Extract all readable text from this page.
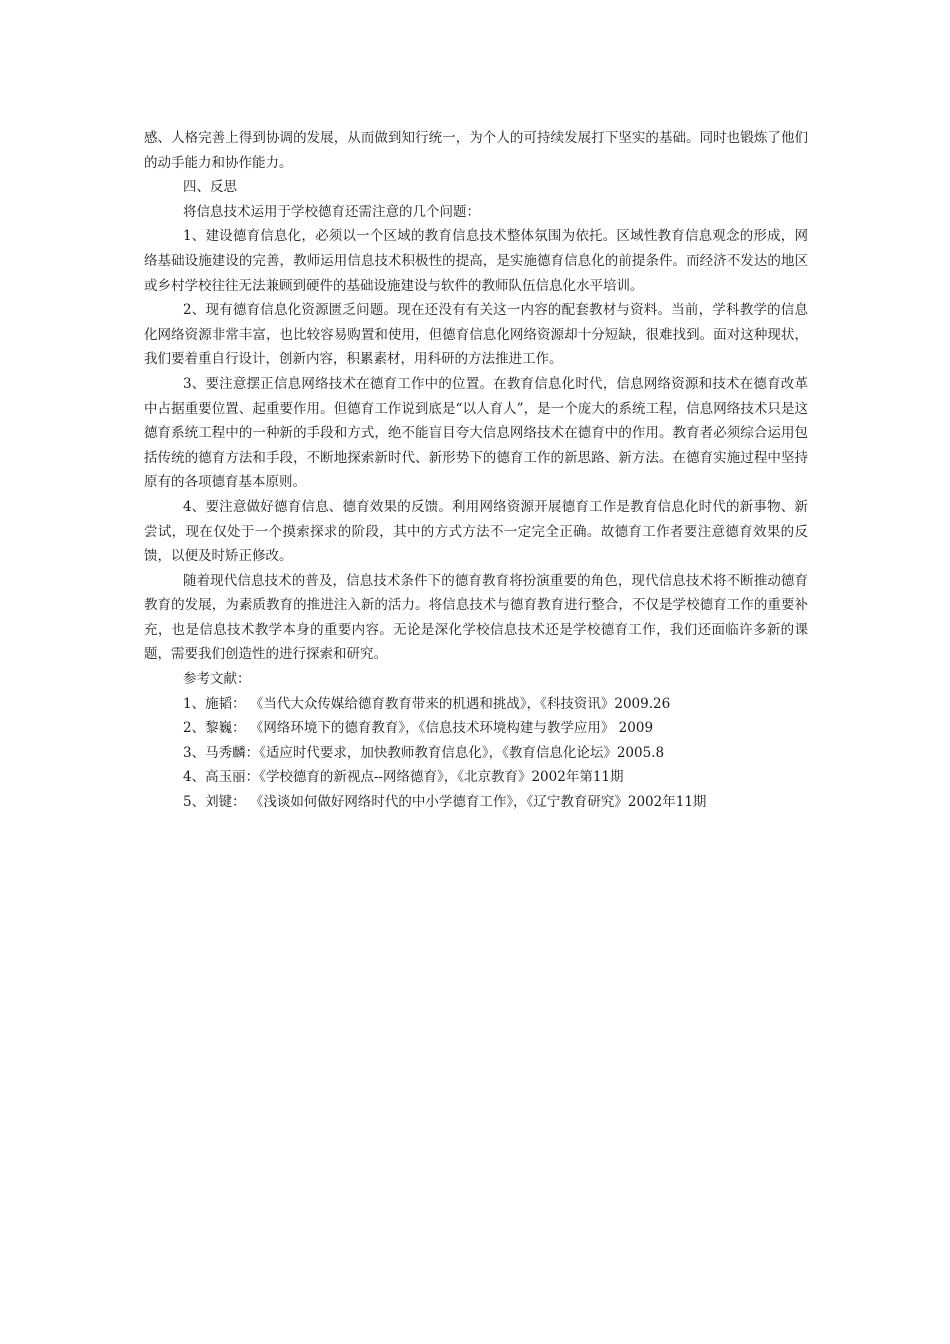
感、人格完善上得到协调的发展，从而做到知行统一，为个人的可持续发展打下坚实的基础。同时也锻炼了他们的动手能力和协作能力。

四、反思

将信息技术运用于学校德育还需注意的几个问题：

1、建设德育信息化，必须以一个区域的教育信息技术整体氛围为依托。区域性教育信息观念的形成，网络基础设施建设的完善，教师运用信息技术积极性的提高，是实施德育信息化的前提条件。而经济不发达的地区或乡村学校往往无法兼顾到硬件的基础设施建设与软件的教师队伍信息化水平培训。

2、现有德育信息化资源匮乏问题。现在还没有有关这一内容的配套教材与资料。当前，学科教学的信息化网络资源非常丰富，也比较容易购置和使用，但德育信息化网络资源却十分短缺，很难找到。面对这种现状，我们要着重自行设计，创新内容，积累素材，用科研的方法推进工作。

3、要注意摆正信息网络技术在德育工作中的位置。在教育信息化时代，信息网络资源和技术在德育改革中占据重要位置、起重要作用。但德育工作说到底是“以人育人”，是一个庞大的系统工程，信息网络技术只是这德育系统工程中的一种新的手段和方式，绝不能盲目夸大信息网络技术在德育中的作用。教育者必须综合运用包括传统的德育方法和手段，不断地探索新时代、新形势下的德育工作的新思路、新方法。在德育实施过程中坚持原有的各项德育基本原则。

4、要注意做好德育信息、德育效果的反馈。利用网络资源开展德育工作是教育信息化时代的新事物、新尝试，现在仅处于一个摸索探求的阶段，其中的方式方法不一定完全正确。故德育工作者要注意德育效果的反馈，以便及时矫正修改。

随着现代信息技术的普及，信息技术条件下的德育教育将扮演重要的角色，现代信息技术将不断推动德育教育的发展，为素质教育的推进注入新的活力。将信息技术与德育教育进行整合，不仅是学校德育工作的重要补充，也是信息技术教学本身的重要内容。无论是深化学校信息技术还是学校德育工作，我们还面临许多新的课题，需要我们创造性的进行探索和研究。

参考文献：

1、施韬： 《当代大众传媒给德育教育带来的机遇和挑战》，《科技资讯》2009.26
2、黎巍： 《网络环境下的德育教育》，《信息技术环境构建与教学应用》 2009
3、马秀麟：《适应时代要求，加快教师教育信息化》，《教育信息化论坛》2005.8
4、高玉丽：《学校德育的新视点--网络德育》，《北京教育》2002年第11期
5、刘键： 《浅谈如何做好网络时代的中小学德育工作》，《辽宁教育研究》2002年11期
